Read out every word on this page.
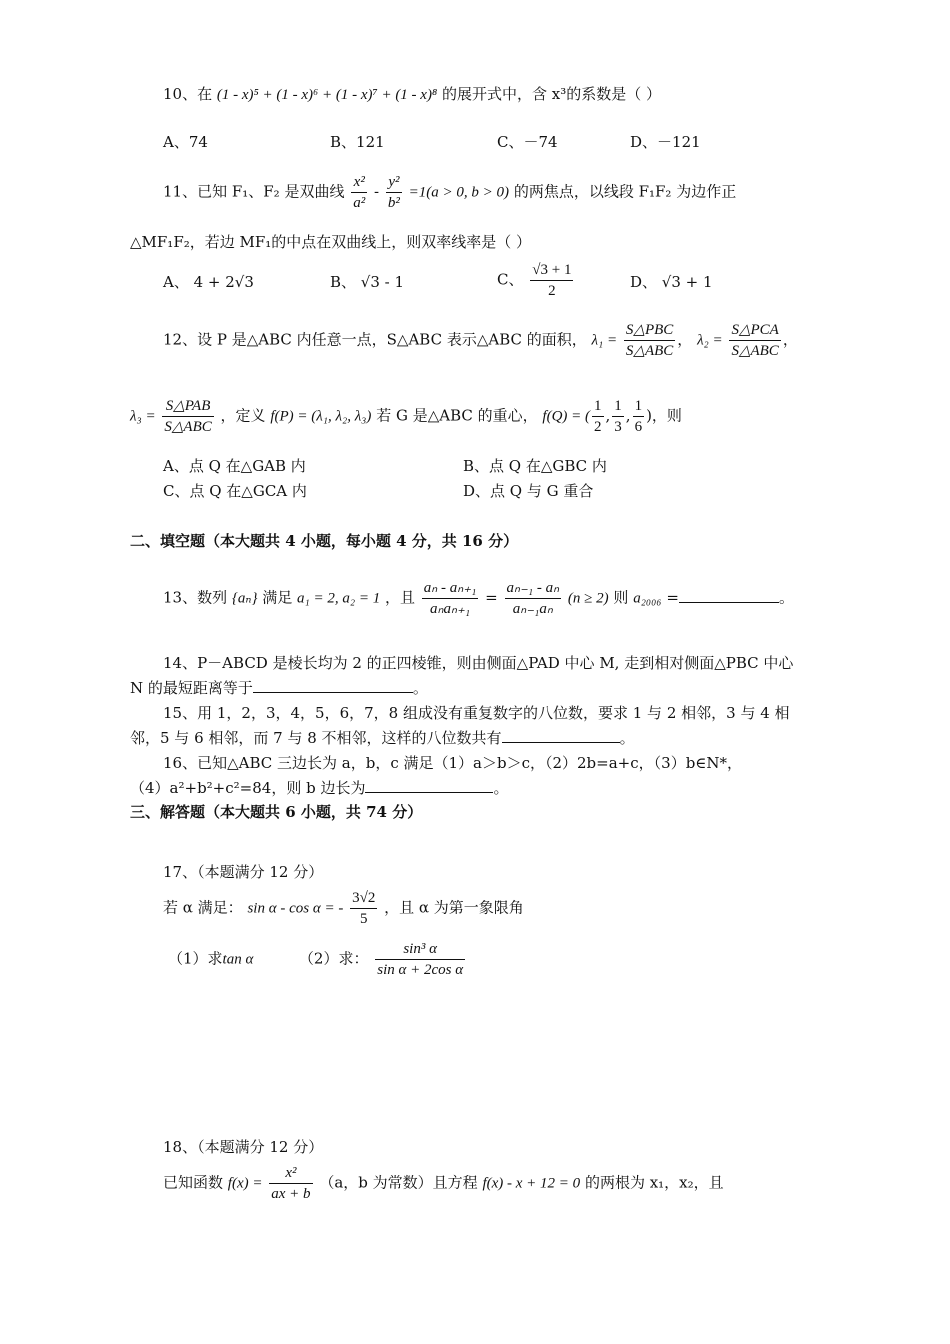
10、在 (1 - x)⁵ + (1 - x)⁶ + (1 - x)⁷ + (1 - x)⁸ 的展开式中，含 x³的系数是（ ）
A、74	B、121	C、－74	D、－121
11、已知 F₁、F₂ 是双曲线 $\frac{\text{x²}}{\text{a²}} - \frac{\text{y²}}{\text{b²}} =1(a > 0$, b > 0) 的两焦点，以线段 F₁F₂ 为边作正
△MF₁F₂，若边 MF₁的中点在双曲线上，则双率线率是（ ）
A、 4 + 2√3	B、 √3 - 1	C、 $\frac{√3 + 1}{2}$	D、 √3 + 1
12、设 P 是△ABC 内任意一点，S△ABC 表示△ABC 的面积， $\lambda_1 = \frac{\text{S△PBC}}{\text{S△ABC}}$ ， $\lambda_2 = \frac{\text{S△PCA}}{\text{S△ABC}}$ ，
$\lambda_3 = \frac{\text{S△PAB}}{\text{S△ABC}}$ ，定义 f(P) = (λ₁, λ₂, λ₃) 若 G 是△ABC 的重心， f(Q) = ( $\frac{1}{2}$ , $\frac{1}{3}$ , $\frac{1}{6}$ )，则
A、点 Q 在△GAB 内	B、点 Q 在△GBC 内
C、点 Q 在△GCA 内	D、点 Q 与 G 重合
二、填空题（本大题共 4 小题，每小题 4 分，共 16 分）
13、数列 {aₙ} 满足 a₁ = 2, a₂ = 1 ，且 $\frac{\text{aₙ - aₙ₊₁}}{\text{aₙaₙ₊₁}} = \frac{\text{aₙ₋₁ - aₙ}}{\text{aₙ₋₁aₙ}} (n \ge 2)$ 则 a₂₀₀₆ =	。
14、P－ABCD 是棱长均为 2 的正四棱锥，则由侧面△PAD 中心 M, 走到相对侧面△PBC 中心
N 的最短距离等于	。
15、用 1，2，3，4，5，6，7，8 组成没有重复数字的八位数，要求 1 与 2 相邻，3 与 4 相
邻，5 与 6 相邻，而 7 与 8 不相邻，这样的八位数共有	。
16、已知△ABC 三边长为 a，b，c 满足（1）a＞b＞c，（2）2b=a+c，（3）b∈N*，
（4）a²+b²+c²=84，则 b 边长为	。
三、解答题（本大题共 6 小题，共 74 分）
17、（本题满分 12 分）
若 α 满足： sin α - cos α = - $\frac{3√2}{5}$ ，且 α 为第一象限角
（1）求tan α	（2）求： $\frac{\text{sin³ α}}{\text{sin α + 2cos α}}$
18、（本题满分 12 分）
已知函数 $f(x) = \frac{\text{x²}}{ax + b} (a$，b 为常数）且方程 f(x) - x + 12 = 0 的两根为 x₁，x₂，且
